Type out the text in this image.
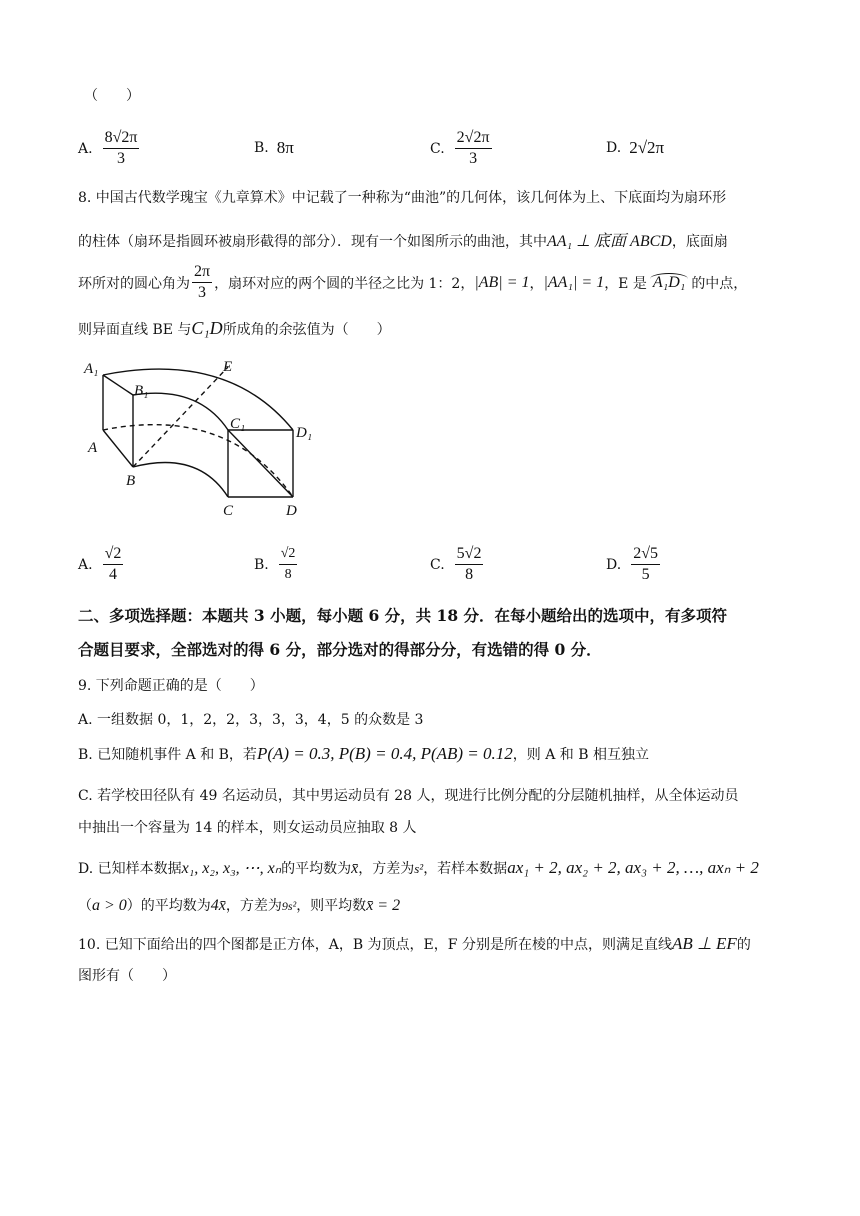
（　　）
A. $\frac{8√2\pi}{3}$	B. 8π	C. $\frac{2√2\pi}{3}$	D. 2√2π
8. 中国古代数学瑰宝《九章算术》中记载了一种称为“曲池”的几何体，该几何体为上、下底面均为扇环形
的柱体（扇环是指圆环被扇形截得的部分）．现有一个如图所示的曲池，其中AA₁ ⊥ 底面 ABCD，底面扇
环所对的圆心角为 $\frac{2\pi}{3}$ ，扇环对应的两个圆的半径之比为 1：2， |AB| = 1 ， |AA₁| = 1 ，E 是 A₁D₁ 的中点，
则异面直线 BE 与C₁D所成角的余弦值为（　　）
A₁	E
B₁
C₁
D₁
A
B
C	D
A. $\frac{√2}{4}$	B. $\frac{√2}{8}$	C. $\frac{5√2}{8}$	D. $\frac{2√5}{5}$
二、多项选择题：本题共 3 小题，每小题 6 分，共 18 分．在每小题给出的选项中，有多项符
合题目要求，全部选对的得 6 分，部分选对的得部分分，有选错的得 0 分．
9. 下列命题正确的是（　　）
A. 一组数据 0，1，2，2，3，3，3，4，5 的众数是 3
B. 已知随机事件 A 和 B，若P(A) = 0.3, P(B) = 0.4, P(AB) = 0.12，则 A 和 B 相互独立
C. 若学校田径队有 49 名运动员，其中男运动员有 28 人，现进行比例分配的分层随机抽样，从全体运动员
中抽出一个容量为 14 的样本，则女运动员应抽取 8 人
D. 已知样本数据x₁, x₂, x₃, ⋯, xₙ的平均数为x̄，方差为s²，若样本数据ax₁ + 2, ax₂ + 2, ax₃ + 2, …, axₙ + 2
（a > 0）的平均数为4x̄，方差为9s²，则平均数x̄ = 2
10. 已知下面给出的四个图都是正方体，A，B 为顶点，E，F 分别是所在棱的中点，则满足直线AB ⊥ EF的
图形有（　　）
